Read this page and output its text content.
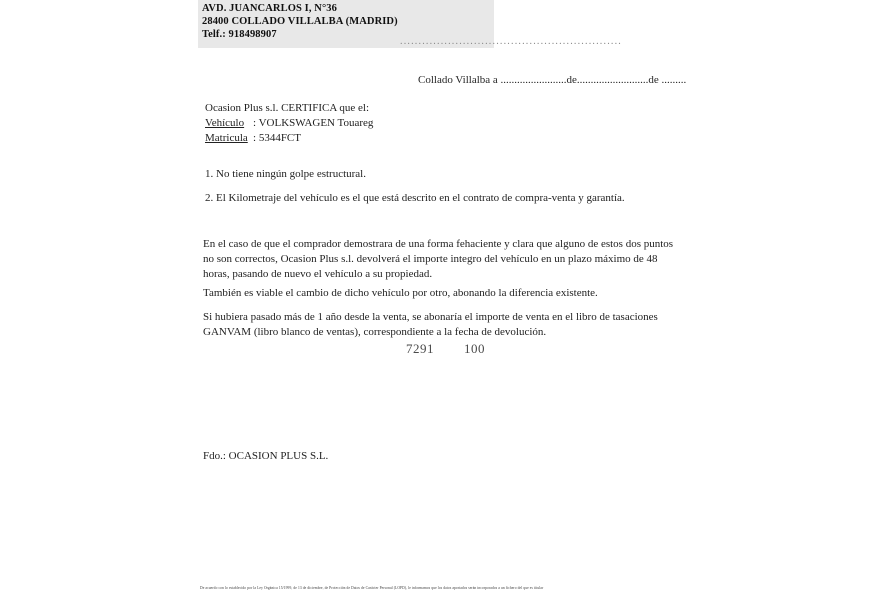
AVD. JUANCARLOS I, N°36
28400 COLLADO VILLALBA (MADRID)
Telf.: 918498907
............................................................
Collado Villalba a ........................de..........................de .........
Ocasion Plus s.l. CERTIFICA que el:
Vehículo : VOLKSWAGEN Touareg
Matricula : 5344FCT
1. No tiene ningún golpe estructural.
2. El Kilometraje del vehículo es el que está descrito en el contrato de compra-venta y garantía.
En el caso de que el comprador demostrara de una forma fehaciente y clara que alguno de estos dos puntos no son correctos, Ocasion Plus s.l. devolverá el importe integro del vehículo en un plazo máximo de 48 horas, pasando de nuevo el vehículo a su propiedad.
También es viable el cambio de dicho vehículo por otro, abonando la diferencia existente.
Si hubiera pasado más de 1 año desde la venta, se abonaría el importe de venta en el libro de tasaciones GANVAM (libro blanco de ventas), correspondiente a la fecha de devolución.
7291 100
Fdo.: OCASION PLUS S.L.
De acuerdo con lo establecido por la Ley Orgánica 15/1999, de 13 de diciembre, de Protección de Datos de Carácter Personal (LOPD), le informamos que los datos aportados serán incorporados a un fichero del que es titular
